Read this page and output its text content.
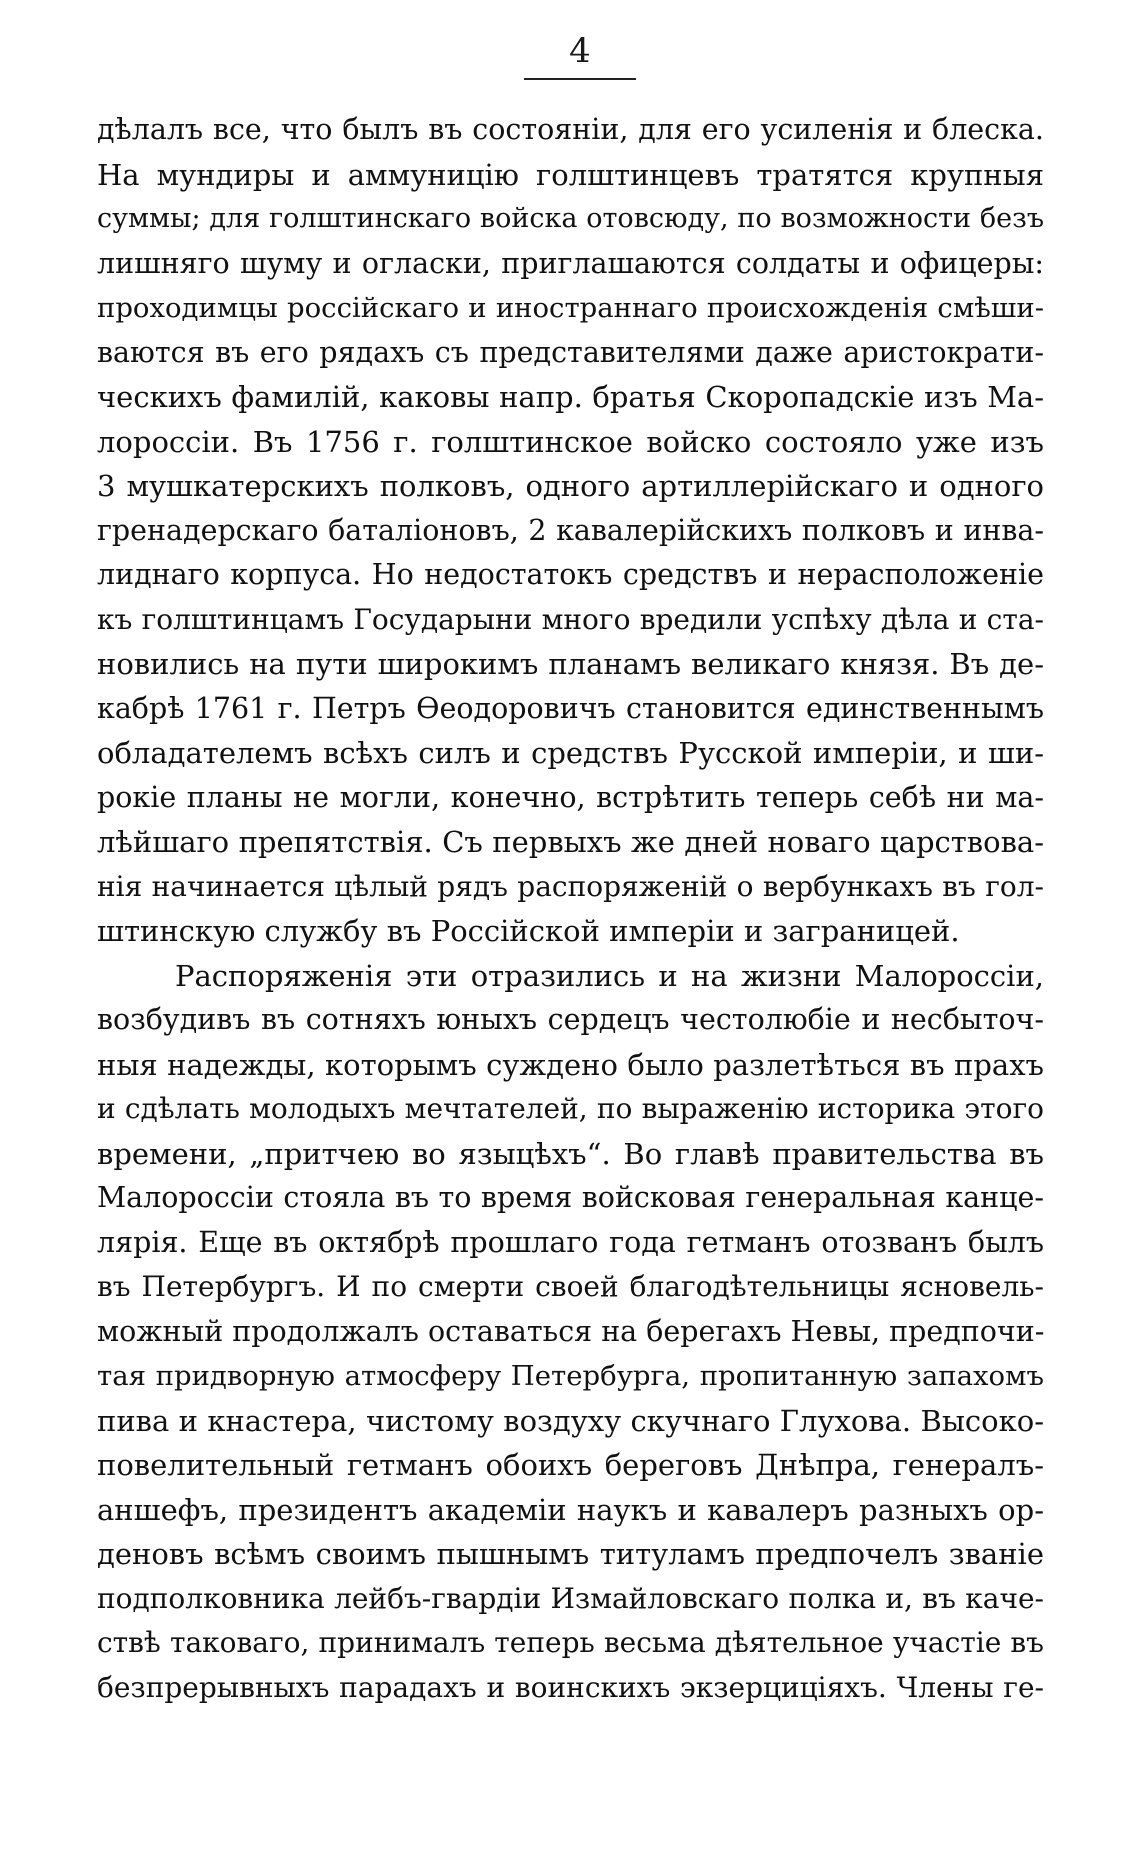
4
дѣлалъ все, что былъ въ состояніи, для его усиленія и блеска.
На мундиры и аммуницію голштинцевъ тратятся крупныя
суммы; для голштинскаго войска отовсюду, по возможности безъ
лишняго шуму и огласки, приглашаются солдаты и офицеры:
проходимцы россійскаго и иностраннаго происхожденія смѣши-
ваются въ его рядахъ съ представителями даже аристократи-
ческихъ фамилій, каковы напр. братья Скоропадскіе изъ Ма-
лороссіи. Въ 1756 г. голштинское войско состояло уже изъ
3 мушкатерскихъ полковъ, одного артиллерійскаго и одного
гренадерскаго баталіоновъ, 2 кавалерійскихъ полковъ и инва-
лиднаго корпуса. Но недостатокъ средствъ и нерасположеніе
къ голштинцамъ Государыни много вредили успѣху дѣла и ста-
новились на пути широкимъ планамъ великаго князя. Въ де-
кабрѣ 1761 г. Петръ Ѳеодоровичъ становится единственнымъ
обладателемъ всѣхъ силъ и средствъ Русской имперіи, и ши-
рокіе планы не могли, конечно, встрѣтить теперь себѣ ни ма-
лѣйшаго препятствія. Съ первыхъ же дней новаго царствова-
нія начинается цѣлый рядъ распоряженій о вербункахъ въ гол-
штинскую службу въ Россійской имперіи и заграницей.
Распоряженія эти отразились и на жизни Малороссіи,
возбудивъ въ сотняхъ юныхъ сердецъ честолюбіе и несбыточ-
ныя надежды, которымъ суждено было разлетѣться въ прахъ
и сдѣлать молодыхъ мечтателей, по выраженію историка этого
времени, „притчею во языцѣхъ“. Во главѣ правительства въ
Малороссіи стояла въ то время войсковая генеральная канце-
лярія. Еще въ октябрѣ прошлаго года гетманъ отозванъ былъ
въ Петербургъ. И по смерти своей благодѣтельницы ясновель-
можный продолжалъ оставаться на берегахъ Невы, предпочи-
тая придворную атмосферу Петербурга, пропитанную запахомъ
пива и кнастера, чистому воздуху скучнаго Глухова. Высоко-
повелительный гетманъ обоихъ береговъ Днѣпра, генералъ-
аншефъ, президентъ академіи наукъ и кавалеръ разныхъ ор-
деновъ всѣмъ своимъ пышнымъ титуламъ предпочелъ званіе
подполковника лейбъ-гвардіи Измайловскаго полка и, въ каче-
ствѣ таковаго, принималъ теперь весьма дѣятельное участіе въ
безпрерывныхъ парадахъ и воинскихъ экзерциціяхъ. Члены ге-
